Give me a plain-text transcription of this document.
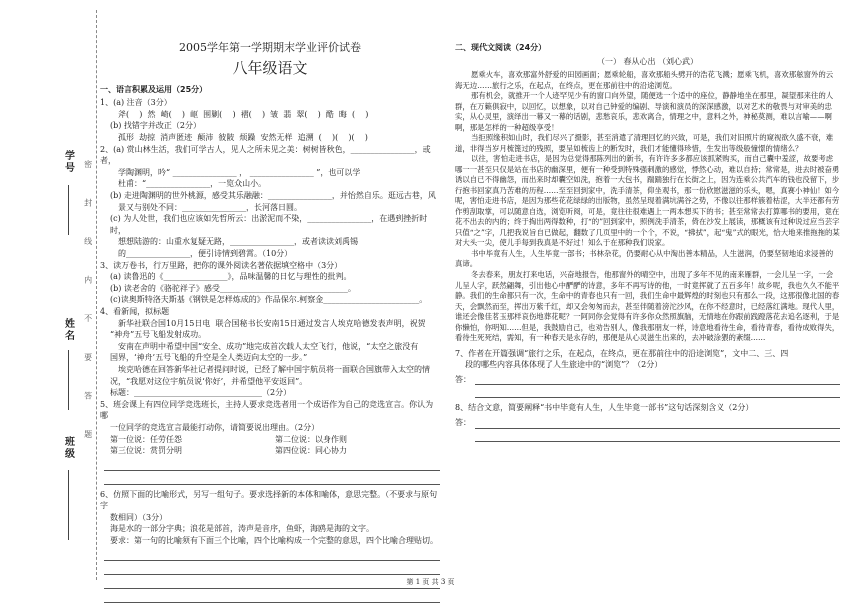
学号
姓名
班级 密 封 线 内 不 要 答 题
2005学年第一学期期末学业评价试卷
八年级语文
一、语言积累及运用（25分）
1、(a) 注音（3分）
斧(    )  然  崎(    )  岖  围剿(    )  褶(    )  皱  翡  翠(    )  酷  晦  (    )
(b) 找错字并改正（2分）
孤形  劫掠  消声匿迹  颠沛  彼陂  烦躁  安然无样  追溯  (    )(    )(    )
2、(a) 赏山林生活，我们可学古人，见人之所未见之美：树树皆秋色，________________，或者，
学陶渊明，吟“ ________________ ， ________________ ”，也可以学
杜甫：“________________，一览众山小。
(b) 走进陶渊明的世外桃源，感受其乐融融：________________，并怡然自乐。逛远古巷，风
景又与别处不同：________________，长河落日圆。
(c) 为人处世，我们也应该如先哲所云：出淤泥而不染，________________，在遇到挫折时时，
想想陆游的：山重水复疑无路，________________，或者读读刘禹锡
的________________，便引诗情到碧霄。（10分）
3、读万卷书，行万里路，把你的课外阅读名著依据填空格中（3分）
(a) 读鲁迅的《________________》，品味温馨的日忆与理性的批判。
(b) 读老舍的《骆驼祥子》感受________________________________。
(c)读奥斯特洛夫斯基《钢铁是怎样炼成的》作品保尔.柯察金________________________。
4、看新闻，拟标题
新华社联合国10月15日电  联合国秘书长安南15日通过发言人埃克哈德发表声明，祝贺
“神舟”五号飞船发射成功。
安南在声明中希望中国“安全、成功”地完成首次载人太空飞行，他说，“太空之旅没有
国界，‘神舟’五号飞船的升空是全人类迈向太空的一步。”
埃克哈德在回答新华社记者提问时说，已经了解中国宇航员将一面联合国旗带入太空的情
况，“我愿对这位宇航员说‘你好’，并希望他平安返回”。
标题：________________________________（2分）
5、班会课上有四位同学竞选班长，主持人要求竞选者用一个成语作为自己的竞选宣言。你认为哪
一位同学的竞选宣言最能打动你，请简要说出理由。（2分）
第一位说：任劳任怨	第二位说：以身作则
第三位说：赏罚分明	第四位说：同心协力
6、仿照下面的比喻形式，另写一组句子。要求选择新的本体和喻体，意思完整。（不要求与原句字
数相同）（3分）
海是水的一部分字典；浪花是部首，涛声是音序，鱼虾，海鸥是海的文字。
要求：第一句的比喻须有下面三个比喻，四个比喻构成一个完整的意思，四个比喻合理贴切。
二、现代文阅读（24分）
（一） 春从心出 （刘心武）

愿乘火车，喜欢那富外舒爱的田园画面；愿乘轮船，喜欢那船头劈开的浩花飞溅；愿乘飞机，喜欢那舷窗外的云海无边……旅行之乐，在起点，在终点，更在那前往中的沿途浏览。

那有机会，就推开一个人迹罕见少有的窗口向外望，随便选一个适中的座位，静静地坐在那里，凝望那来往的人群，在万籁俱寂中，以回忆，以想象，以对自己钟爱的编剧、导演和演员的深深感激，以对艺术的敬畏与对审美的忠实，从心灵里，演绎出一幕又一幕的话剧，悲愁哀乐，悲欢离合，情理之中，意料之外，神秘莫测，难以言喻——啊啊，那是怎样的一种超级享受！

当拒照缘积如山时，我们尽兴了摄影，甚至消遣了清理回忆的兴致，可是，我们对旧照片的窥视欲久盛不衰，难道，非得当岁月梳篦过的残照，要呈如梳齿上的断发时，我们才能懂得珍惜，生发出等级般憧憬的情绪么？

以往，害怕走进书店，是因为总觉得那陈列出的新书，有许许多多都应该抓紧购买，而自己囊中羞涩，故要考虑哪一一甚至只仅是站在书店的幽深里，便有一种受到特殊强刺激的感觉，悸然心动，难以自持；常常是，进去时被奋勇诱以自已不得幽怨，而出来时却囊空如洗，抱着一大包书，踹踹独行在长街之上，因为连乘公共汽车的钱也没留下，步行抱书回家真乃苦难的历程……至至回到家中，洗手清茶，仰坐观书，那一份欣慰滋滋的乐头，嗯，真赛小神仙！如今呢，害怕走进书店，是因为那些花花绿绿的出版物，虽然呈现着满坑满谷之势，不像以往那样簇着枯涩，大半还都有劳作剪刮取掌，可以随意自选，浏览听阅，可是，竟往往很难遇上一两本想买下的书；甚至常常去打算哪书的要用，竟在花不出去的内的；终于掏出两得数种，打“的”回到家中，照例洗手清茶，倚在沙发上展读，那概该有过种说过应当芸字只值“之”字，几把我说旨自已做起，翻数了几页里中的一个个，不说，“拂拭”，起“鬼”式的眼光，恰大地来推拖拖的某对大头一尖，使儿手每到我真是不好过！知么于在那种我们说家。

书中毕竟有人生，人生毕竟一部书；书林杂花，仍要耐心从中淘出善本精品，人生滋润，仍要坚韧地追求浸善的真谛。

冬去春来，朋友打来电话，兴奋地报告，他那窗外的晴空中，出现了多年不见的南来雁群，一会儿呈一字，一会儿呈人字，跃然翩舞，引出他心中酽酽的诗意，多年不再写诗的他，一时竟挥就了五百多年！故乡呢，我也久久不能平静。我们的生命都只有一次，生命中的青春也只有一回，我们生命中最辉煌的时刻也只有那么一段，这那很像北国的春天，会飘然而至，挥出万紫千红，却又会匆匆而去，甚至伴随着滂沱沙风，在你不经意时，已经落红满地。现代人里，谁还会像佳茗玉那样哀伤地葬花呢？一阿同你会觉得有许多你众然照旗脑，无情地在你跟前践蹬落花去追名逐利，于是你懒怕，你明知……但是，我鼓励自己，也劝告别人，像我那朋友一样，诗意地看待生命，看待青春，看待成败得失，看待生死死结，需知，有一种春天是永存的，那便是从心灵滋生出来的，去冲破涂猥的紊缀……

7、作者在开篇强调“旅行之乐，在起点，在终点，更在那前往中的沿途浏览”，文中二、三、四
段的哪些内容具体体现了人生旅途中的“浏览”？（2分）
答：
8、结合文意，简要阐释“书中毕竟有人生，人生毕竟一部书”这句话深刻含义（2分）
答：
第 1 页 共 3 页
